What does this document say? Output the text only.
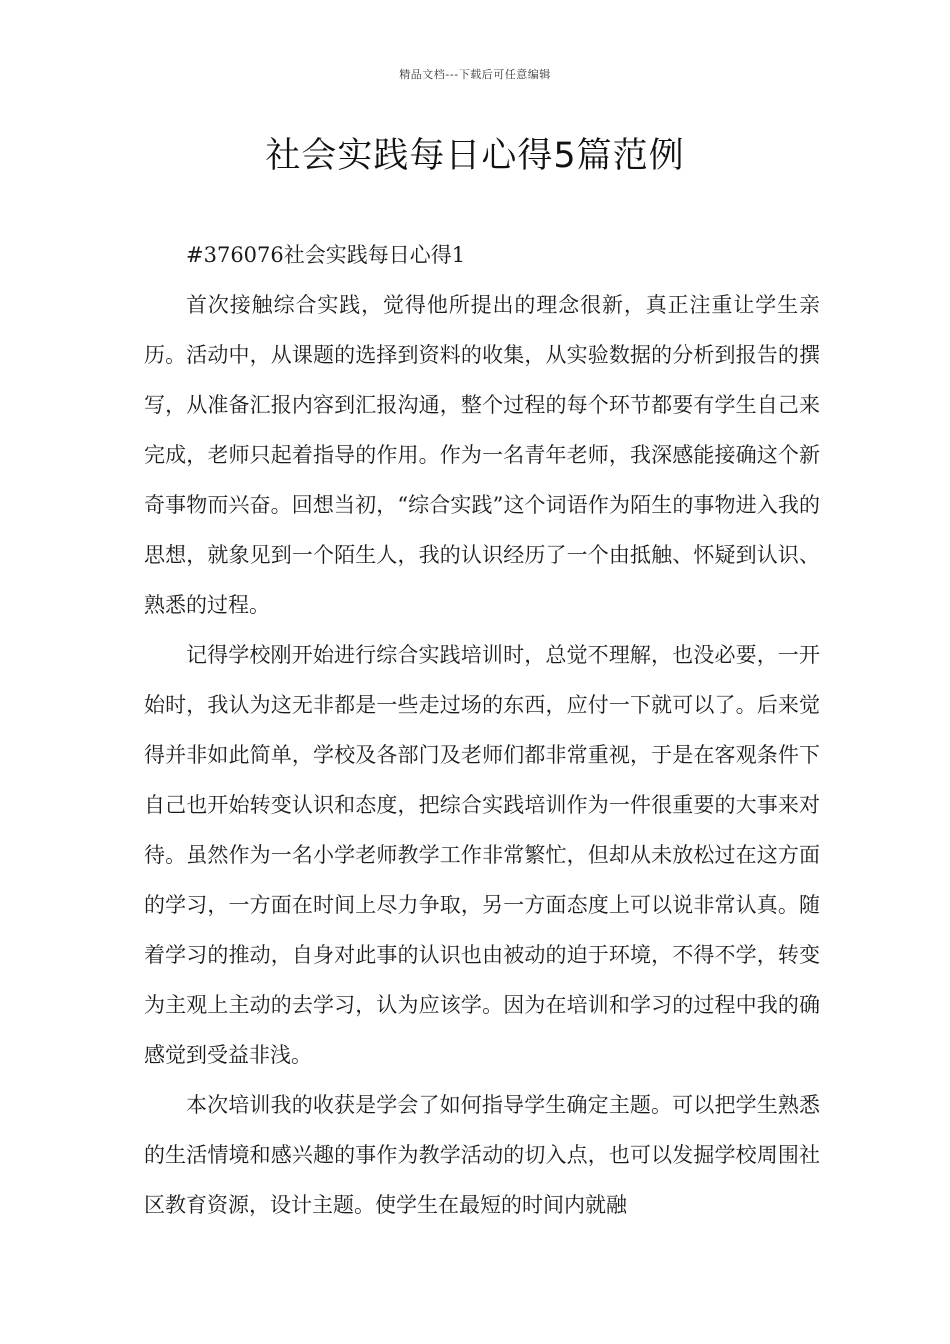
精品文档---下载后可任意编辑
社会实践每日心得5篇范例

#376076社会实践每日心得1

首次接触综合实践，觉得他所提出的理念很新，真正注重让学生亲历。活动中，从课题的选择到资料的收集，从实验数据的分析到报告的撰写，从准备汇报内容到汇报沟通，整个过程的每个环节都要有学生自己来完成，老师只起着指导的作用。作为一名青年老师，我深感能接确这个新奇事物而兴奋。回想当初，“综合实践”这个词语作为陌生的事物进入我的思想，就象见到一个陌生人，我的认识经历了一个由抵触、怀疑到认识、熟悉的过程。

记得学校刚开始进行综合实践培训时，总觉不理解，也没必要，一开始时，我认为这无非都是一些走过场的东西，应付一下就可以了。后来觉得并非如此简单，学校及各部门及老师们都非常重视，于是在客观条件下自己也开始转变认识和态度，把综合实践培训作为一件很重要的大事来对待。虽然作为一名小学老师教学工作非常繁忙，但却从未放松过在这方面的学习，一方面在时间上尽力争取，另一方面态度上可以说非常认真。随着学习的推动，自身对此事的认识也由被动的迫于环境，不得不学，转变为主观上主动的去学习，认为应该学。因为在培训和学习的过程中我的确感觉到受益非浅。

本次培训我的收获是学会了如何指导学生确定主题。可以把学生熟悉的生活情境和感兴趣的事作为教学活动的切入点，也可以发掘学校周围社区教育资源，设计主题。使学生在最短的时间内就融
